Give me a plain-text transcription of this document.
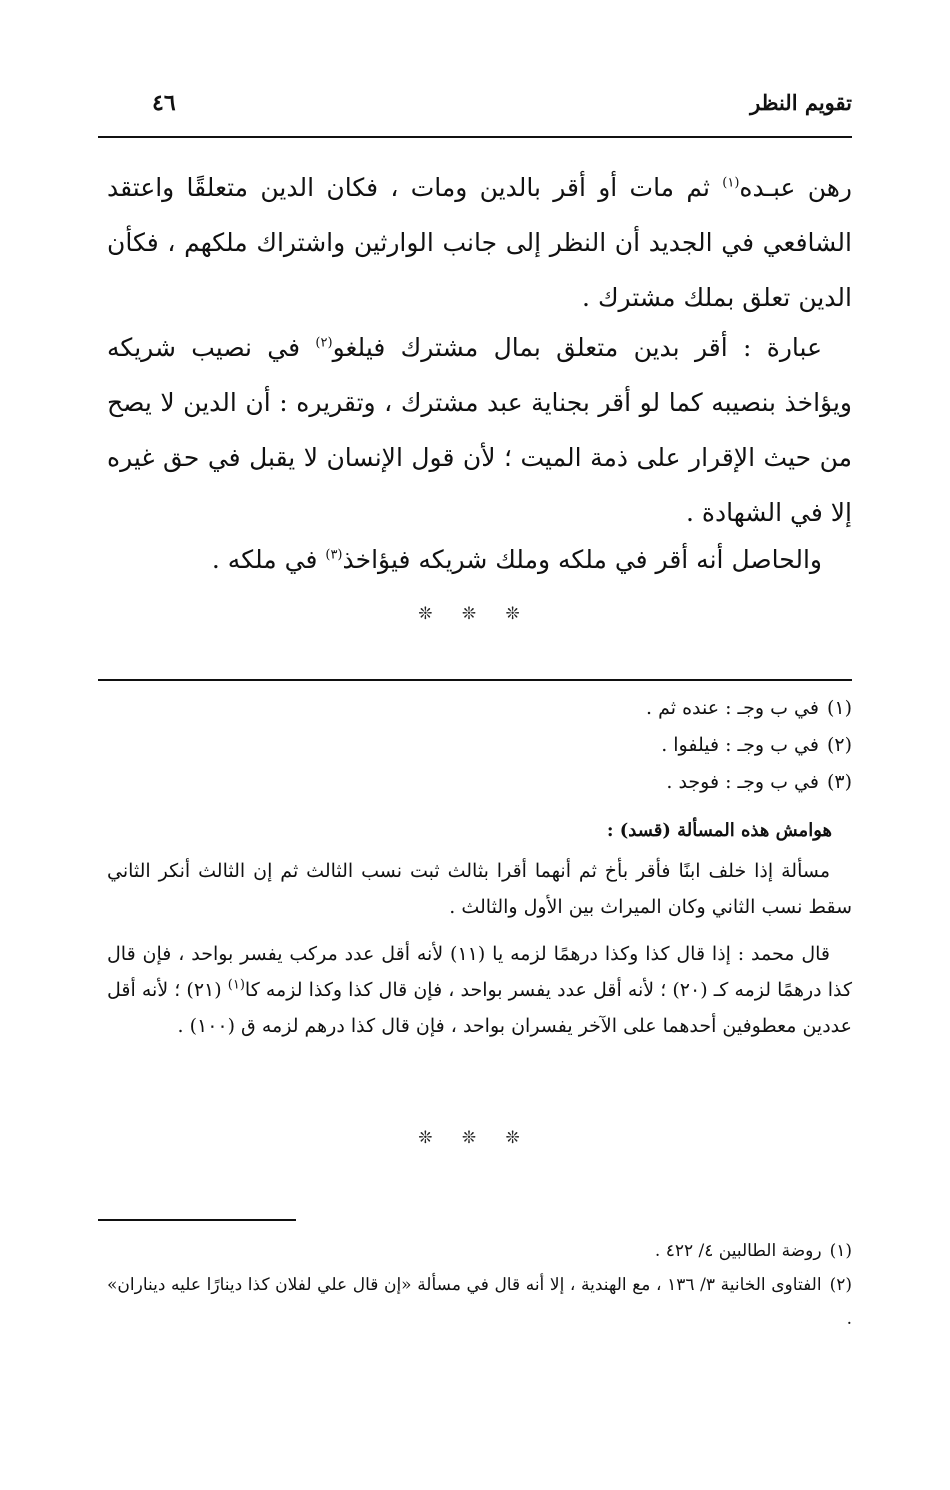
تقويم النظر
٤٦
رهن عبـده$^{(١)}$ ثم مات أو أقر بالدين ومات ، فكان الدين متعلقًا واعتقد الشافعي في الجديد أن النظر إلى جانب الوارثين واشتراك ملكهم ، فكأن الدين تعلق بملك مشترك .
عبارة : أقر بدين متعلق بمال مشترك فيلغو$^{(٢)}$ في نصيب شريكه ويؤاخذ بنصيبه كما لو أقر بجناية عبد مشترك ، وتقريره : أن الدين لا يصح من حيث الإقرار على ذمة الميت ؛ لأن قول الإنسان لا يقبل في حق غيره إلا في الشهادة .
والحاصل أنه أقر في ملكه وملك شريكه فيؤاخذ$^{(٣)}$ في ملكه .
❊ ❊ ❊
(١)في ب وجـ : عنده ثم .
(٢)في ب وجـ : فيلفوا .
(٣)في ب وجـ : فوجد .
هوامش هذه المسألة (قسد) :
مسألة إذا خلف ابنًا فأقر بأخ ثم أنهما أقرا بثالث ثبت نسب الثالث ثم إن الثالث أنكر الثاني سقط نسب الثاني وكان الميراث بين الأول والثالث .
قال محمد : إذا قال كذا وكذا درهمًا لزمه يا (١١) لأنه أقل عدد مركب يفسر بواحد ، فإن قال كذا درهمًا لزمه كـ (٢٠) ؛ لأنه أقل عدد يفسر بواحد ، فإن قال كذا وكذا لزمه كا$^{(١)}$ (٢١) ؛ لأنه أقل عددين معطوفين أحدهما على الآخر يفسران بواحد ، فإن قال كذا درهم لزمه ق (١٠٠) .
❊ ❊ ❊
(١)روضة الطالبين ٤/ ٤٢٢ .
(٢)الفتاوى الخانية ٣/ ١٣٦ ، مع الهندية ، إلا أنه قال في مسألة «إن قال علي لفلان كذا دينارًا عليه ديناران» .
